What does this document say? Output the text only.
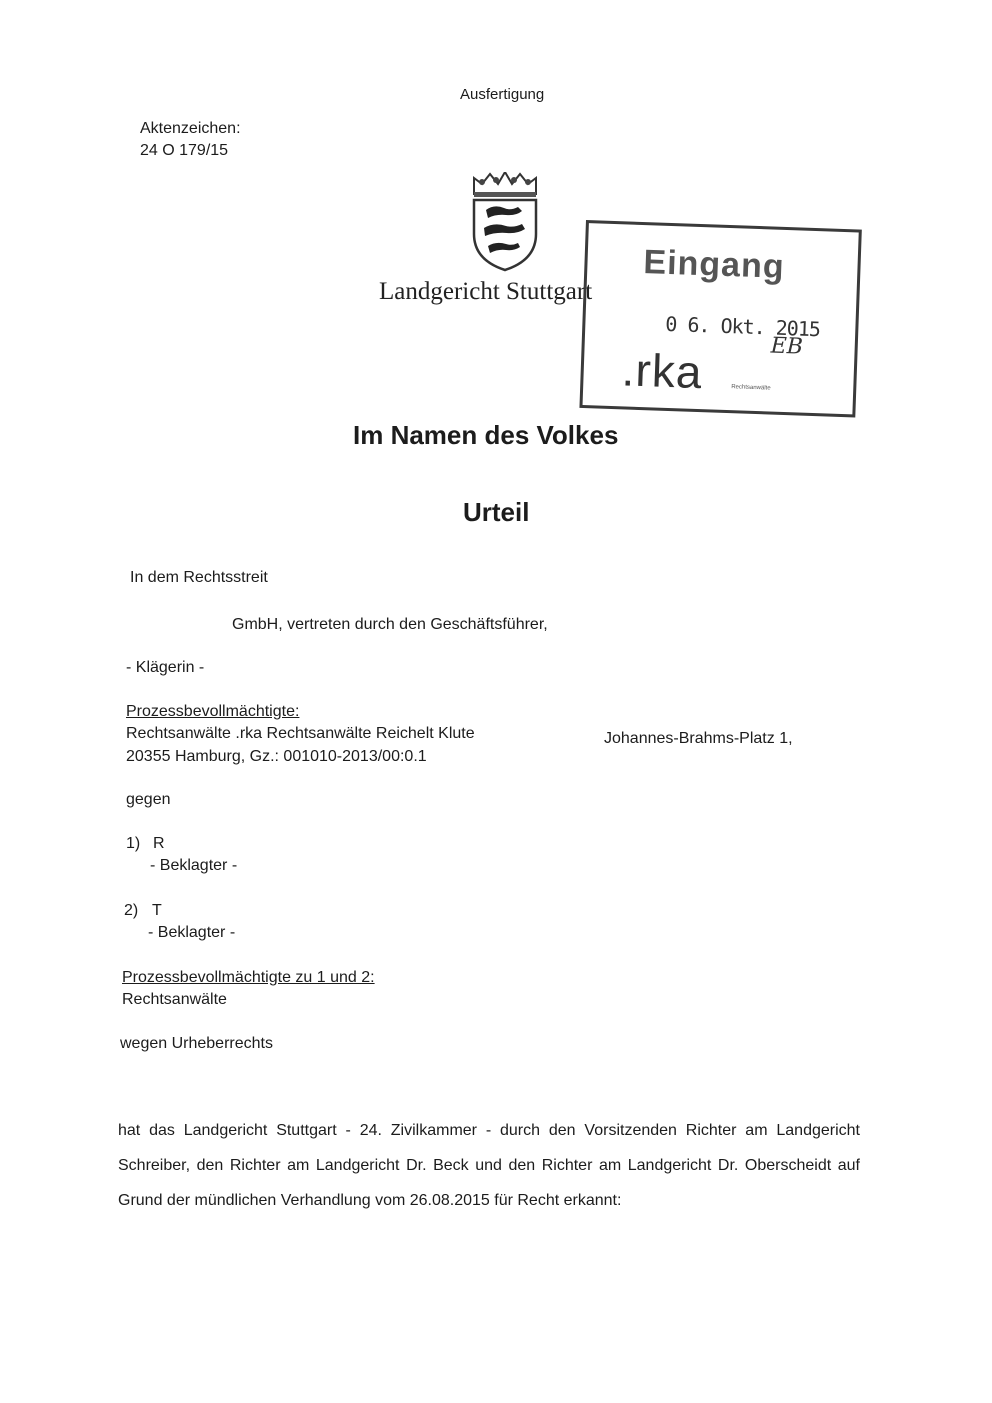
Ausfertigung
Aktenzeichen:
24 O 179/15
Landgericht Stuttgart
Eingang
0 6. Okt. 2015
EB
.rka	Rechtsanwälte
Im Namen des Volkes
Urteil
In dem Rechtsstreit
GmbH, vertreten durch den Geschäftsführer,
- Klägerin -
Prozessbevollmächtigte:
Rechtsanwälte .rka Rechtsanwälte Reichelt Klute	Johannes-Brahms-Platz 1,
20355 Hamburg, Gz.: 001010-2013/00:0.1
gegen
1) R
- Beklagter -
2) T
- Beklagter -
Prozessbevollmächtigte zu 1 und 2:
Rechtsanwälte
wegen Urheberrechts
hat das Landgericht Stuttgart - 24. Zivilkammer - durch den Vorsitzenden Richter am Landgericht Schreiber, den Richter am Landgericht Dr. Beck und den Richter am Landgericht Dr. Oberscheidt auf Grund der mündlichen Verhandlung vom 26.08.2015 für Recht erkannt:
